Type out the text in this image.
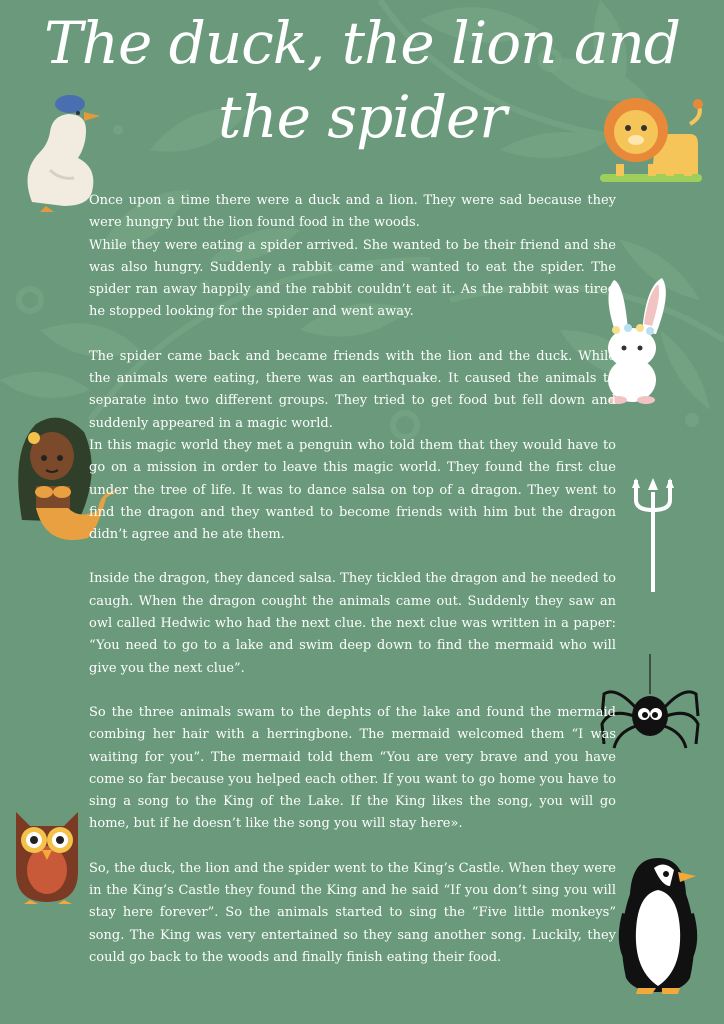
The duck, the lion and the spider

Once upon a time there were a duck and a lion. They were sad because they were hungry but the lion found food in the woods.

While they were eating a spider arrived. She wanted to be their friend and she was also hungry. Suddenly a rabbit came and wanted to eat the spider. The spider ran away happily and the rabbit couldn’t eat it. As the rabbit was tired he stopped looking for the spider and went away.

The spider came back and became friends with the lion and the duck. While the animals were eating, there was an earthquake. It caused the animals to separate into two different groups. They tried to get food but fell down and suddenly appeared in a magic world.

In this magic world they met a penguin who told them that they would have to go on a mission in order to leave this magic world. They found the first clue under the tree of life. It was to dance salsa on top of a dragon. They went to find the dragon and they wanted to become friends with him but the dragon didn’t agree and he ate them.

Inside the dragon, they danced salsa. They tickled the dragon and he needed to caugh. When the dragon cought the animals came out. Suddenly they saw an owl called Hedwic who had the next clue. the next clue was written in a paper: “You need to go to a lake and swim deep down to find the mermaid who will give you the next clue”.

So the three animals swam to the dephts of the lake and found the mermaid combing her hair with a herringbone. The mermaid welcomed them “I was waiting for you”. The mermaid told them “You are very brave and you have come so far because you helped each other. If you want to go home you have to sing a song to the King of the Lake. If the King likes the song, you will go home, but if he doesn’t like the song you will stay here».

So, the duck, the lion and the spider went to the King’s Castle. When they were in the King’s Castle they found the King and he said “If you don’t sing you will stay here forever”. So the animals started to sing the “Five little monkeys” song. The King was very entertained so they sang another song. Luckily, they could go back to the woods and finally finish eating their food.
